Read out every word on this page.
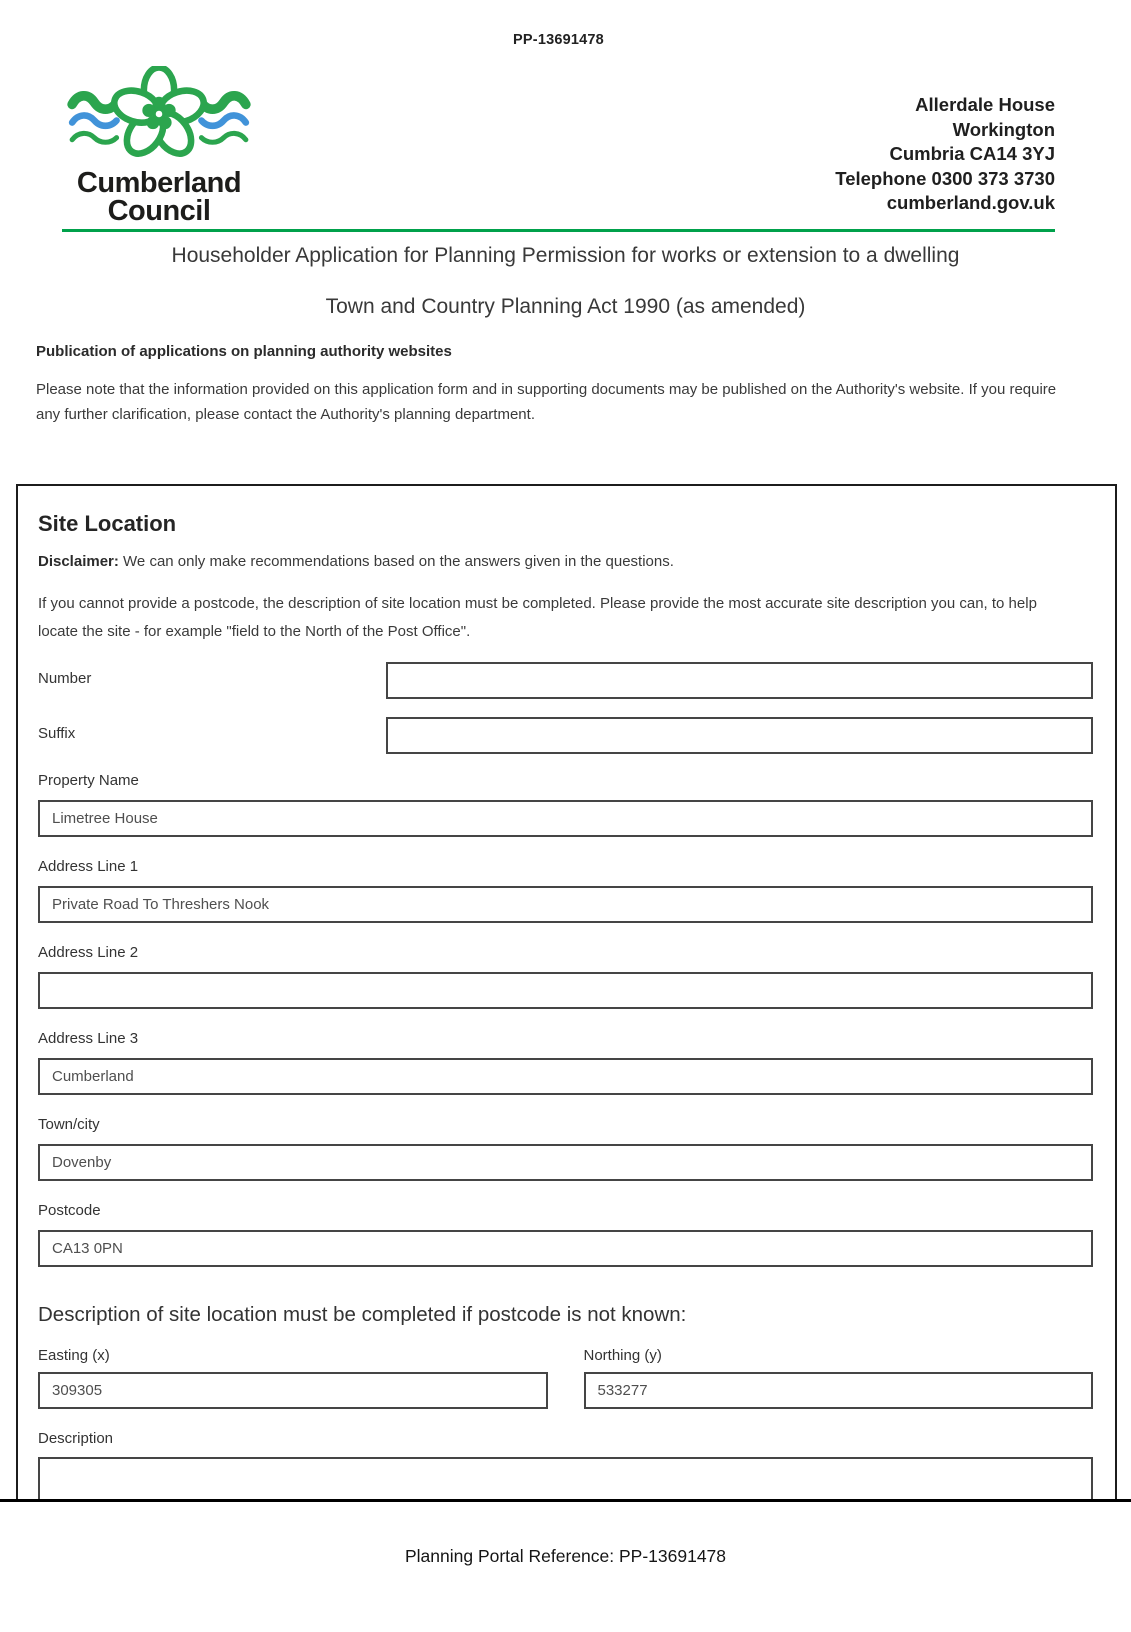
PP-13691478
Cumberland
Council
Allerdale House
Workington
Cumbria CA14 3YJ
Telephone 0300 373 3730
cumberland.gov.uk
Householder Application for Planning Permission for works or extension to a dwelling
Town and Country Planning Act 1990 (as amended)
Publication of applications on planning authority websites
Please note that the information provided on this application form and in supporting documents may be published on the Authority's website. If you require any further clarification, please contact the Authority's planning department.
Site Location
Disclaimer: We can only make recommendations based on the answers given in the questions.
If you cannot provide a postcode, the description of site location must be completed. Please provide the most accurate site description you can, to help locate the site - for example "field to the North of the Post Office".
Number
Suffix
Property Name
Limetree House
Address Line 1
Private Road To Threshers Nook
Address Line 2
Address Line 3
Cumberland
Town/city
Dovenby
Postcode
CA13 0PN
Description of site location must be completed if postcode is not known:
Easting (x)
309305	Northing (y)
533277
Description
Planning Portal Reference: PP-13691478
